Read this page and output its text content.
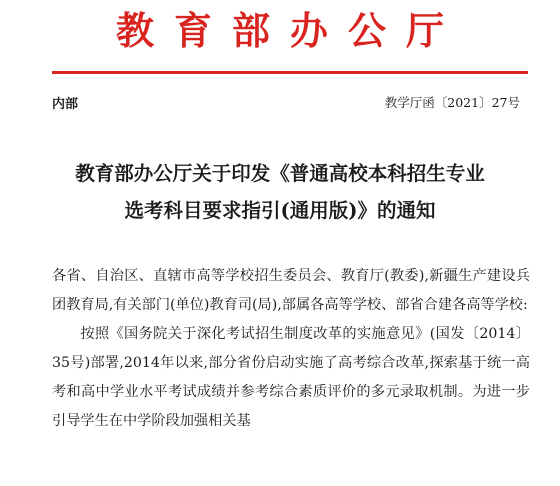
教育部办公厅
内部	教学厅函〔2021〕27号
教育部办公厅关于印发《普通高校本科招生专业
选考科目要求指引(通用版)》的通知

各省、自治区、直辖市高等学校招生委员会、教育厅(教委),新疆生产建设兵团教育局,有关部门(单位)教育司(局),部属各高等学校、部省合建各高等学校:

按照《国务院关于深化考试招生制度改革的实施意见》(国发〔2014〕35号)部署,2014年以来,部分省份启动实施了高考综合改革,探索基于统一高考和高中学业水平考试成绩并参考综合素质评价的多元录取机制。为进一步引导学生在中学阶段加强相关基
